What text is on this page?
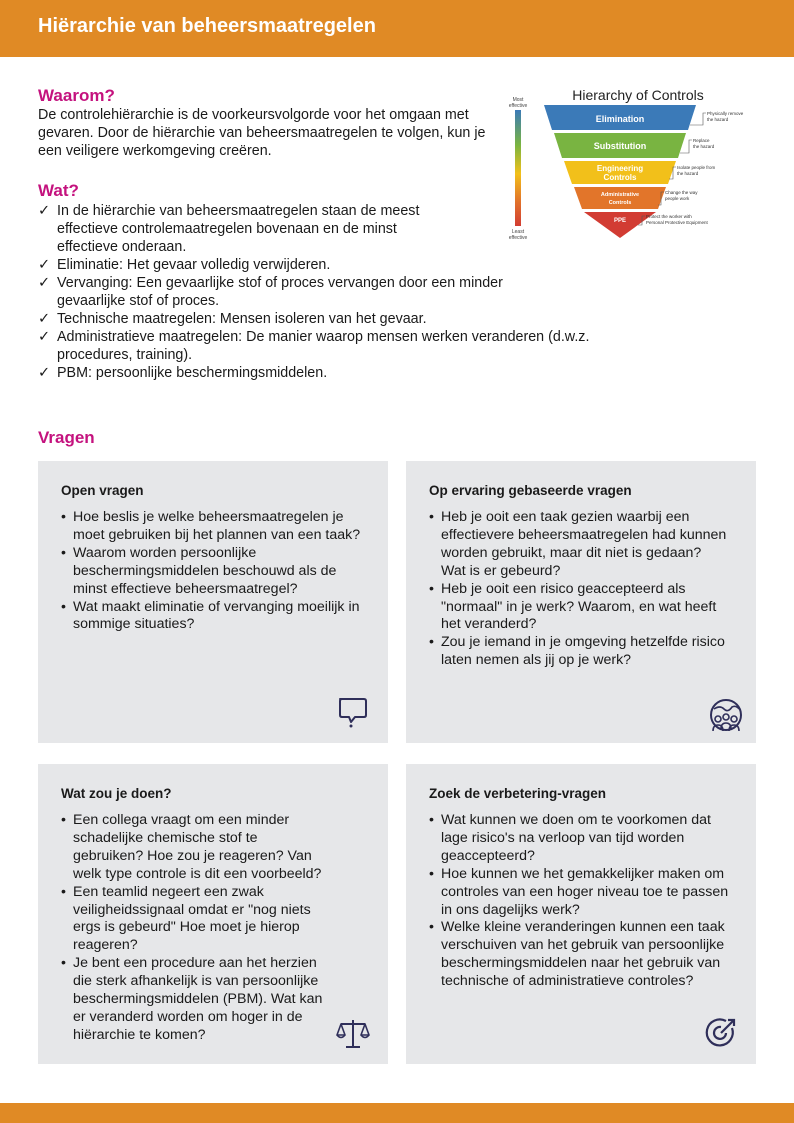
Hiërarchie van beheersmaatregelen
Waarom?

De controlehiërarchie is de voorkeursvolgorde voor het omgaan met gevaren. Door de hiërarchie van beheersmaatregelen te volgen, kun je een veiligere werkomgeving creëren.

Wat?
✓ In de hiërarchie van beheersmaatregelen staan de meest effectieve controlemaatregelen bovenaan en de minst effectieve onderaan.
✓ Eliminatie: Het gevaar volledig verwijderen.
✓ Vervanging: Een gevaarlijke stof of proces vervangen door een minder gevaarlijke stof of proces.
✓ Technische maatregelen: Mensen isoleren van het gevaar.
✓ Administratieve maatregelen: De manier waarop mensen werken veranderen (d.w.z. procedures, training).
✓ PBM: persoonlijke beschermingsmiddelen.
Hierarchy of Controls
Most
effective
Least
effective
Elimination
Substitution
Engineering
Controls
Administrative
Controls
PPE
Physically remove
the hazard
Replace
the hazard
Isolate people from
the hazard
Change the way
people work
Protect the worker with
Personal Protective Equipment
Vragen
Open vragen
• Hoe beslis je welke beheersmaatregelen je moet gebruiken bij het plannen van een taak?
• Waarom worden persoonlijke beschermingsmiddelen beschouwd als de minst effectieve beheersmaatregel?
• Wat maakt eliminatie of vervanging moeilijk in sommige situaties?
Op ervaring gebaseerde vragen
• Heb je ooit een taak gezien waarbij een effectievere beheersmaatregelen had kunnen worden gebruikt, maar dit niet is gedaan? Wat is er gebeurd?
• Heb je ooit een risico geaccepteerd als "normaal" in je werk? Waarom, en wat heeft het veranderd?
• Zou je iemand in je omgeving hetzelfde risico laten nemen als jij op je werk?
Wat zou je doen?
• Een collega vraagt om een minder schadelijke chemische stof te gebruiken? Hoe zou je reageren? Van welk type controle is dit een voorbeeld?
• Een teamlid negeert een zwak veiligheidssignaal omdat er "nog niets ergs is gebeurd" Hoe moet je hierop reageren?
• Je bent een procedure aan het herzien die sterk afhankelijk is van persoonlijke beschermingsmiddelen (PBM). Wat kan er veranderd worden om hoger in de hiërarchie te komen?
Zoek de verbetering-vragen
• Wat kunnen we doen om te voorkomen dat lage risico's na verloop van tijd worden geaccepteerd?
• Hoe kunnen we het gemakkelijker maken om controles van een hoger niveau toe te passen in ons dagelijks werk?
• Welke kleine veranderingen kunnen een taak verschuiven van het gebruik van persoonlijke beschermingsmiddelen naar het gebruik van technische of administratieve controles?
